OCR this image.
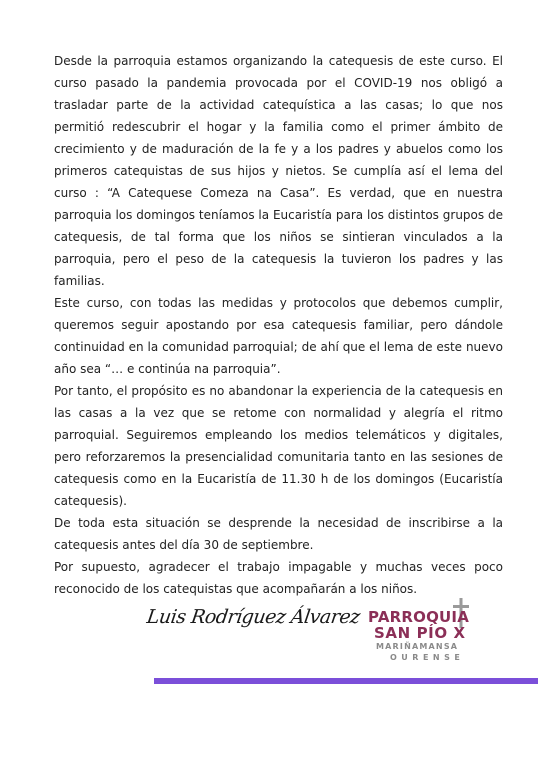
Desde la parroquia estamos organizando la catequesis de este curso. El curso pasado la pandemia provocada por el COVID-19 nos obligó a trasladar parte de la actividad catequística a las casas; lo que nos permitió redescubrir el hogar y la familia como el primer ámbito de crecimiento y de maduración de la fe y a los padres y abuelos como los primeros catequistas de sus hijos y nietos. Se cumplía así el lema del curso : “A Catequese Comeza na Casa”. Es verdad, que en nuestra parroquia los domingos teníamos la Eucaristía para los distintos grupos de catequesis, de tal forma que los niños se sintieran vinculados a la parroquia, pero el peso de la catequesis la tuvieron los padres y las familias.

Este curso, con todas las medidas y protocolos que debemos cumplir, queremos seguir apostando por esa catequesis familiar, pero dándole continuidad en la comunidad parroquial; de ahí que el lema de este nuevo año sea “… e continúa na parroquia”.

Por tanto, el propósito es no abandonar la experiencia de la catequesis en las casas a la vez que se retome con normalidad y alegría el ritmo parroquial. Seguiremos empleando los medios telemáticos y digitales, pero reforzaremos la presencialidad comunitaria tanto en las sesiones de catequesis como en la Eucaristía de 11.30 h de los domingos (Eucaristía catequesis).

De toda esta situación se desprende la necesidad de inscribirse a la catequesis antes del día 30 de septiembre.

Por supuesto, agradecer el trabajo impagable y muchas veces poco reconocido de los catequistas que acompañarán a los niños.

Luis Rodríguez Álvarez PARROQUIA
SAN PÍO X
MARIÑAMANSA
OURENSE
